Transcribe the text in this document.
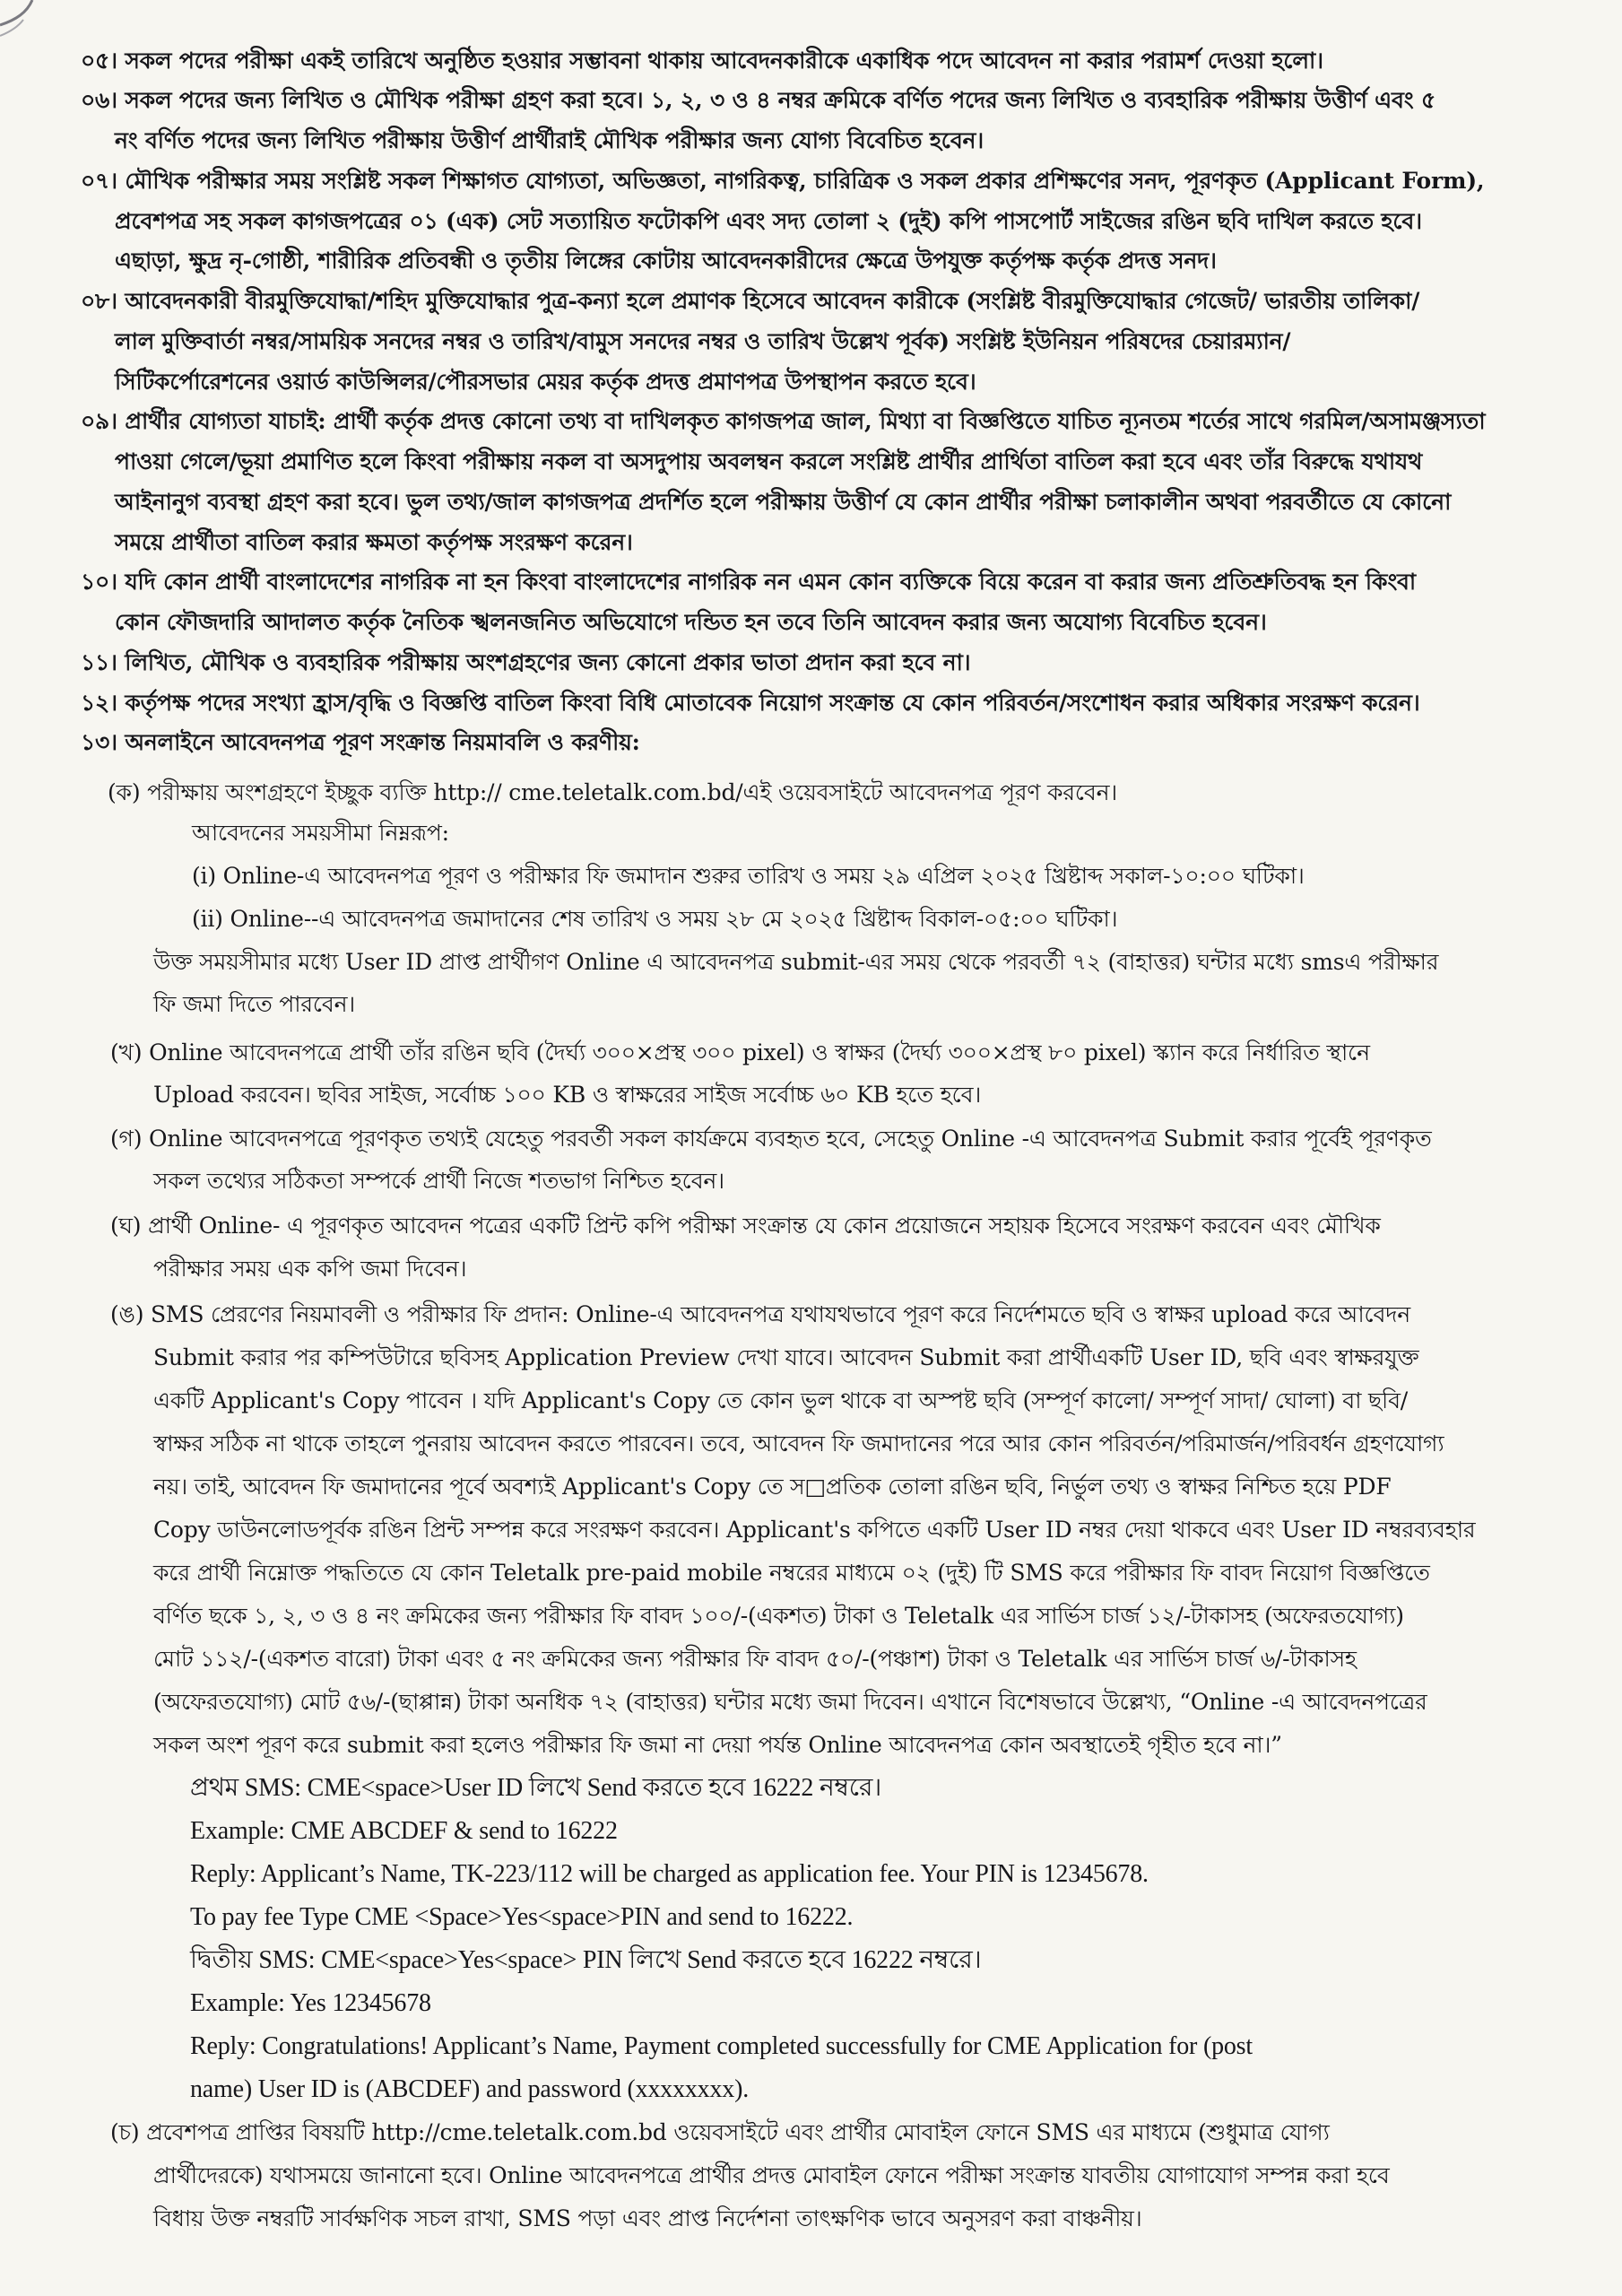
০৫। সকল পদের পরীক্ষা একই তারিখে অনুষ্ঠিত হওয়ার সম্ভাবনা থাকায় আবেদনকারীকে একাধিক পদে আবেদন না করার পরামর্শ দেওয়া হলো।
০৬। সকল পদের জন্য লিখিত ও মৌখিক পরীক্ষা গ্রহণ করা হবে। ১, ২, ৩ ও ৪ নম্বর ক্রমিকে বর্ণিত পদের জন্য লিখিত ও ব্যবহারিক পরীক্ষায় উত্তীর্ণ এবং ৫
নং বর্ণিত পদের জন্য লিখিত পরীক্ষায় উত্তীর্ণ প্রার্থীরাই মৌখিক পরীক্ষার জন্য যোগ্য বিবেচিত হবেন।
০৭। মৌখিক পরীক্ষার সময় সংশ্লিষ্ট সকল শিক্ষাগত যোগ্যতা, অভিজ্ঞতা, নাগরিকত্ব, চারিত্রিক ও সকল প্রকার প্রশিক্ষণের সনদ, পূরণকৃত (Applicant Form),
প্রবেশপত্র সহ সকল কাগজপত্রের ০১ (এক) সেট সত্যায়িত ফটোকপি এবং সদ্য তোলা ২ (দুই) কপি পাসপোর্ট সাইজের রঙিন ছবি দাখিল করতে হবে।
এছাড়া, ক্ষুদ্র নৃ-গোষ্ঠী, শারীরিক প্রতিবন্ধী ও তৃতীয় লিঙ্গের কোটায় আবেদনকারীদের ক্ষেত্রে উপযুক্ত কর্তৃপক্ষ কর্তৃক প্রদত্ত সনদ।
০৮। আবেদনকারী বীরমুক্তিযোদ্ধা/শহিদ মুক্তিযোদ্ধার পুত্র-কন্যা হলে প্রমাণক হিসেবে আবেদন কারীকে (সংশ্লিষ্ট বীরমুক্তিযোদ্ধার গেজেট/ ভারতীয় তালিকা/
লাল মুক্তিবার্তা নম্বর/সাময়িক সনদের নম্বর ও তারিখ/বামুস সনদের নম্বর ও তারিখ উল্লেখ পূর্বক) সংশ্লিষ্ট ইউনিয়ন পরিষদের চেয়ারম্যান/
সিটিকর্পোরেশনের ওয়ার্ড কাউন্সিলর/পৌরসভার মেয়র কর্তৃক প্রদত্ত প্রমাণপত্র উপস্থাপন করতে হবে।
০৯। প্রার্থীর যোগ্যতা যাচাই: প্রার্থী কর্তৃক প্রদত্ত কোনো তথ্য বা দাখিলকৃত কাগজপত্র জাল, মিথ্যা বা বিজ্ঞপ্তিতে যাচিত ন্যূনতম শর্তের সাথে গরমিল/অসামঞ্জস্যতা
পাওয়া গেলে/ভূয়া প্রমাণিত হলে কিংবা পরীক্ষায় নকল বা অসদুপায় অবলম্বন করলে সংশ্লিষ্ট প্রার্থীর প্রার্থিতা বাতিল করা হবে এবং তাঁর বিরুদ্ধে যথাযথ
আইনানুগ ব্যবস্থা গ্রহণ করা হবে। ভুল তথ্য/জাল কাগজপত্র প্রদর্শিত হলে পরীক্ষায় উত্তীর্ণ যে কোন প্রার্থীর পরীক্ষা চলাকালীন অথবা পরবর্তীতে যে কোনো
সময়ে প্রার্থীতা বাতিল করার ক্ষমতা কর্তৃপক্ষ সংরক্ষণ করেন।
১০। যদি কোন প্রার্থী বাংলাদেশের নাগরিক না হন কিংবা বাংলাদেশের নাগরিক নন এমন কোন ব্যক্তিকে বিয়ে করেন বা করার জন্য প্রতিশ্রুতিবদ্ধ হন কিংবা
কোন ফৌজদারি আদালত কর্তৃক নৈতিক স্খলনজনিত অভিযোগে দন্ডিত হন তবে তিনি আবেদন করার জন্য অযোগ্য বিবেচিত হবেন।
১১। লিখিত, মৌখিক ও ব্যবহারিক পরীক্ষায় অংশগ্রহণের জন্য কোনো প্রকার ভাতা প্রদান করা হবে না।
১২। কর্তৃপক্ষ পদের সংখ্যা হ্রাস/বৃদ্ধি ও বিজ্ঞপ্তি বাতিল কিংবা বিধি মোতাবেক নিয়োগ সংক্রান্ত যে কোন পরিবর্তন/সংশোধন করার অধিকার সংরক্ষণ করেন।
১৩। অনলাইনে আবেদনপত্র পূরণ সংক্রান্ত নিয়মাবলি ও করণীয়:
(ক) পরীক্ষায় অংশগ্রহণে ইচ্ছুক ব্যক্তি http:// cme.teletalk.com.bd/এই ওয়েবসাইটে আবেদনপত্র পূরণ করবেন।
আবেদনের সময়সীমা নিম্নরূপ:
(i) Online-এ আবেদনপত্র পূরণ ও পরীক্ষার ফি জমাদান শুরুর তারিখ ও সময় ২৯ এপ্রিল ২০২৫ খ্রিষ্টাব্দ সকাল-১০:০০ ঘটিকা।
(ii) Online--এ আবেদনপত্র জমাদানের শেষ তারিখ ও সময় ২৮ মে ২০২৫ খ্রিষ্টাব্দ বিকাল-০৫:০০ ঘটিকা।
উক্ত সময়সীমার মধ্যে User ID প্রাপ্ত প্রার্থীগণ Online এ আবেদনপত্র submit-এর সময় থেকে পরবর্তী ৭২ (বাহাত্তর) ঘন্টার মধ্যে smsএ পরীক্ষার
ফি জমা দিতে পারবেন।
(খ) Online আবেদনপত্রে প্রার্থী তাঁর রঙিন ছবি (দৈর্ঘ্য ৩০০×প্রস্থ ৩০০ pixel) ও স্বাক্ষর (দৈর্ঘ্য ৩০০×প্রস্থ ৮০ pixel) স্ক্যান করে নির্ধারিত স্থানে
Upload করবেন। ছবির সাইজ, সর্বোচ্চ ১০০ KB ও স্বাক্ষরের সাইজ সর্বোচ্চ ৬০ KB হতে হবে।
(গ) Online আবেদনপত্রে পূরণকৃত তথ্যই যেহেতু পরবর্তী সকল কার্যক্রমে ব্যবহৃত হবে, সেহেতু Online -এ আবেদনপত্র Submit করার পূর্বেই পূরণকৃত
সকল তথ্যের সঠিকতা সম্পর্কে প্রার্থী নিজে শতভাগ নিশ্চিত হবেন।
(ঘ) প্রার্থী Online- এ পূরণকৃত আবেদন পত্রের একটি প্রিন্ট কপি পরীক্ষা সংক্রান্ত যে কোন প্রয়োজনে সহায়ক হিসেবে সংরক্ষণ করবেন এবং মৌখিক
পরীক্ষার সময় এক কপি জমা দিবেন।
(ঙ) SMS প্রেরণের নিয়মাবলী ও পরীক্ষার ফি প্রদান: Online-এ আবেদনপত্র যথাযথভাবে পূরণ করে নির্দেশমতে ছবি ও স্বাক্ষর upload করে আবেদন
Submit করার পর কম্পিউটারে ছবিসহ Application Preview দেখা যাবে। আবেদন Submit করা প্রার্থীএকটি User ID, ছবি এবং স্বাক্ষরযুক্ত
একটি Applicant's Copy পাবেন । যদি Applicant's Copy তে কোন ভুল থাকে বা অস্পষ্ট ছবি (সম্পূর্ণ কালো/ সম্পূর্ণ সাদা/ ঘোলা) বা ছবি/
স্বাক্ষর সঠিক না থাকে তাহলে পুনরায় আবেদন করতে পারবেন। তবে, আবেদন ফি জমাদানের পরে আর কোন পরিবর্তন/পরিমার্জন/পরিবর্ধন গ্রহণযোগ্য
নয়। তাই, আবেদন ফি জমাদানের পূর্বে অবশ্যই Applicant's Copy তে স□প্রতিক তোলা রঙিন ছবি, নির্ভুল তথ্য ও স্বাক্ষর নিশ্চিত হয়ে PDF
Copy ডাউনলোডপূর্বক রঙিন প্রিন্ট সম্পন্ন করে সংরক্ষণ করবেন। Applicant's কপিতে একটি User ID নম্বর দেয়া থাকবে এবং User ID নম্বরব্যবহার
করে প্রার্থী নিম্নোক্ত পদ্ধতিতে যে কোন Teletalk pre-paid mobile নম্বরের মাধ্যমে ০২ (দুই) টি SMS করে পরীক্ষার ফি বাবদ নিয়োগ বিজ্ঞপ্তিতে
বর্ণিত ছকে ১, ২, ৩ ও ৪ নং ক্রমিকের জন্য পরীক্ষার ফি বাবদ ১০০/-(একশত) টাকা ও Teletalk এর সার্ভিস চার্জ ১২/-টাকাসহ (অফেরতযোগ্য)
মোট ১১২/-(একশত বারো) টাকা এবং ৫ নং ক্রমিকের জন্য পরীক্ষার ফি বাবদ ৫০/-(পঞ্চাশ) টাকা ও Teletalk এর সার্ভিস চার্জ ৬/-টাকাসহ
(অফেরতযোগ্য) মোট ৫৬/-(ছাপ্পান্ন) টাকা অনধিক ৭২ (বাহাত্তর) ঘন্টার মধ্যে জমা দিবেন। এখানে বিশেষভাবে উল্লেখ্য, “Online -এ আবেদনপত্রের
সকল অংশ পূরণ করে submit করা হলেও পরীক্ষার ফি জমা না দেয়া পর্যন্ত Online আবেদনপত্র কোন অবস্থাতেই গৃহীত হবে না।”
প্রথম SMS: CME<space>User ID লিখে Send করতে হবে 16222 নম্বরে।
Example: CME ABCDEF & send to 16222
Reply: Applicant’s Name, TK-223/112 will be charged as application fee. Your PIN is 12345678.
To pay fee Type CME <Space>Yes<space>PIN and send to 16222.
দ্বিতীয় SMS: CME<space>Yes<space> PIN লিখে Send করতে হবে 16222 নম্বরে।
Example: Yes 12345678
Reply: Congratulations! Applicant’s Name, Payment completed successfully for CME Application for (post
name) User ID is (ABCDEF) and password (xxxxxxxx).
(চ) প্রবেশপত্র প্রাপ্তির বিষয়টি http://cme.teletalk.com.bd ওয়েবসাইটে এবং প্রার্থীর মোবাইল ফোনে SMS এর মাধ্যমে (শুধুমাত্র যোগ্য
প্রার্থীদেরকে) যথাসময়ে জানানো হবে। Online আবেদনপত্রে প্রার্থীর প্রদত্ত মোবাইল ফোনে পরীক্ষা সংক্রান্ত যাবতীয় যোগাযোগ সম্পন্ন করা হবে
বিধায় উক্ত নম্বরটি সার্বক্ষণিক সচল রাখা, SMS পড়া এবং প্রাপ্ত নির্দেশনা তাৎক্ষণিক ভাবে অনুসরণ করা বাঞ্চনীয়।
